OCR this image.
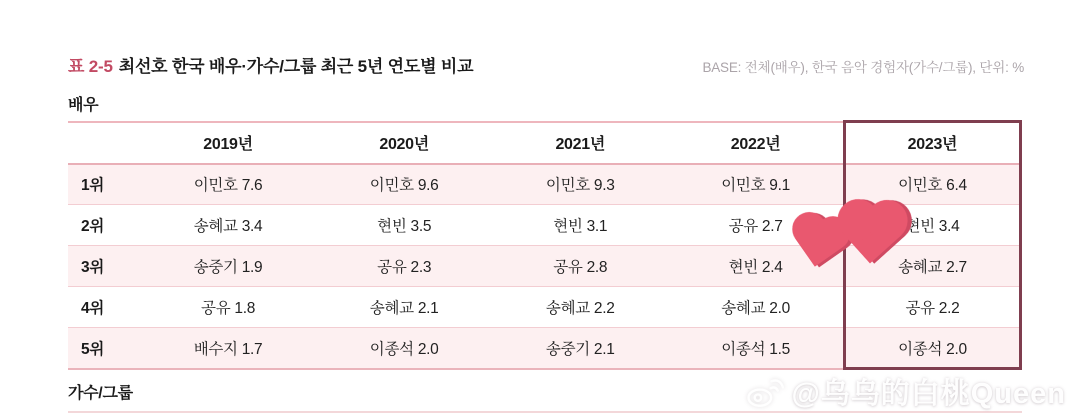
표 2-5 최선호 한국 배우·가수/그룹 최근 5년 연도별 비교	BASE: 전체(배우), 한국 음악 경험자(가수/그룹), 단위: %
배우
	2019년	2020년	2021년	2022년	2023년
1위	이민호 7.6	이민호 9.6	이민호 9.3	이민호 9.1	이민호 6.4
2위	송혜교 3.4	현빈 3.5	현빈 3.1	공유 2.7	현빈 3.4
3위	송중기 1.9	공유 2.3	공유 2.8	현빈 2.4	송혜교 2.7
4위	공유 1.8	송혜교 2.1	송혜교 2.2	송혜교 2.0	공유 2.2
5위	배수지 1.7	이종석 2.0	송중기 2.1	이종석 1.5	이종석 2.0
가수/그룹	@乌乌的白桃Queen
